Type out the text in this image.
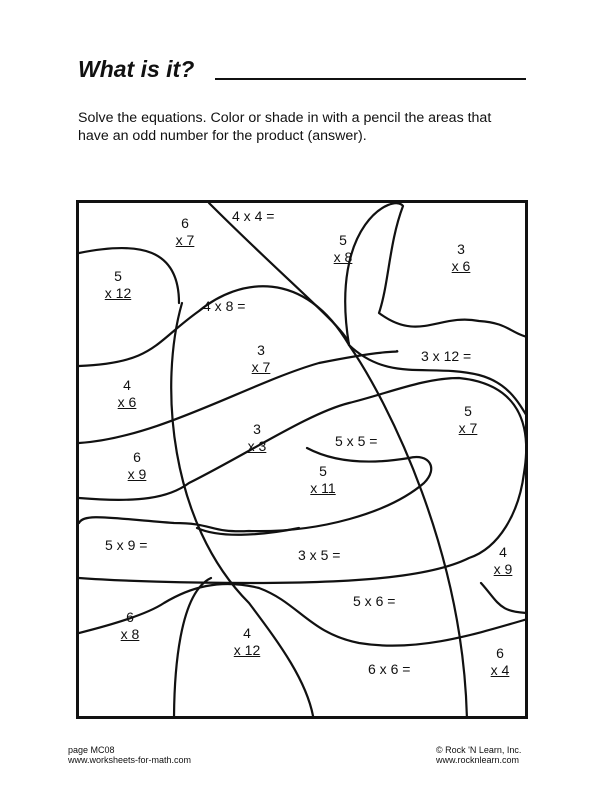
What is it?

Solve the equations. Color or shade in with a pencil the areas that have an odd number for the product (answer).

6
x 7
4 x 4 =
5
x 8	3
x 6
5
x 12
4 x 8 =
3
x 7
3 x 12 =
4
x 6
5
x 7
3
x 3	5 x 5 =
6
x 9	5
x 11
5 x 9 =
3 x 5 =	4
x 9
5 x 6 =
6
x 8	4
x 12
6 x 6 =
6
x 4
page MC08
www.worksheets-for-math.com
© Rock 'N Learn, Inc.
www.rocknlearn.com
